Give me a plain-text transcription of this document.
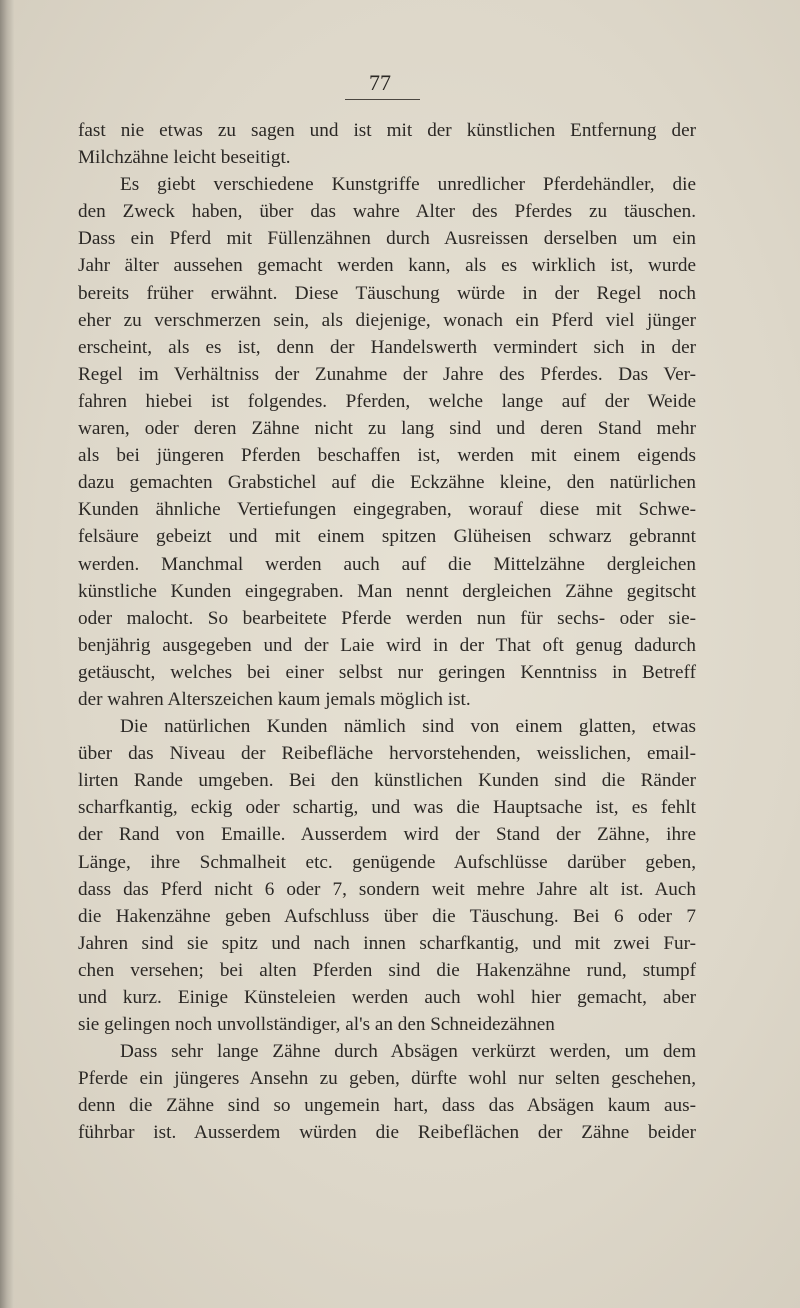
77
fast nie etwas zu sagen und ist mit der künstlichen Entfernung der
Milchzähne leicht beseitigt.
Es giebt verschiedene Kunstgriffe unredlicher Pferdehändler, die
den Zweck haben, über das wahre Alter des Pferdes zu täuschen.
Dass ein Pferd mit Füllenzähnen durch Ausreissen derselben um ein
Jahr älter aussehen gemacht werden kann, als es wirklich ist, wurde
bereits früher erwähnt. Diese Täuschung würde in der Regel noch
eher zu verschmerzen sein, als diejenige, wonach ein Pferd viel jünger
erscheint, als es ist, denn der Handelswerth vermindert sich in der
Regel im Verhältniss der Zunahme der Jahre des Pferdes. Das Ver-
fahren hiebei ist folgendes. Pferden, welche lange auf der Weide
waren, oder deren Zähne nicht zu lang sind und deren Stand mehr
als bei jüngeren Pferden beschaffen ist, werden mit einem eigends
dazu gemachten Grabstichel auf die Eckzähne kleine, den natürlichen
Kunden ähnliche Vertiefungen eingegraben, worauf diese mit Schwe-
felsäure gebeizt und mit einem spitzen Glüheisen schwarz gebrannt
werden. Manchmal werden auch auf die Mittelzähne dergleichen
künstliche Kunden eingegraben. Man nennt dergleichen Zähne gegitscht
oder malocht. So bearbeitete Pferde werden nun für sechs- oder sie-
benjährig ausgegeben und der Laie wird in der That oft genug dadurch
getäuscht, welches bei einer selbst nur geringen Kenntniss in Betreff
der wahren Alterszeichen kaum jemals möglich ist.
Die natürlichen Kunden nämlich sind von einem glatten, etwas
über das Niveau der Reibefläche hervorstehenden, weisslichen, email-
lirten Rande umgeben. Bei den künstlichen Kunden sind die Ränder
scharfkantig, eckig oder schartig, und was die Hauptsache ist, es fehlt
der Rand von Emaille. Ausserdem wird der Stand der Zähne, ihre
Länge, ihre Schmalheit etc. genügende Aufschlüsse darüber geben,
dass das Pferd nicht 6 oder 7, sondern weit mehre Jahre alt ist. Auch
die Hakenzähne geben Aufschluss über die Täuschung. Bei 6 oder 7
Jahren sind sie spitz und nach innen scharfkantig, und mit zwei Fur-
chen versehen; bei alten Pferden sind die Hakenzähne rund, stumpf
und kurz. Einige Künsteleien werden auch wohl hier gemacht, aber
sie gelingen noch unvollständiger, al's an den Schneidezähnen
Dass sehr lange Zähne durch Absägen verkürzt werden, um dem
Pferde ein jüngeres Ansehn zu geben, dürfte wohl nur selten geschehen,
denn die Zähne sind so ungemein hart, dass das Absägen kaum aus-
führbar ist. Ausserdem würden die Reibeflächen der Zähne beider
